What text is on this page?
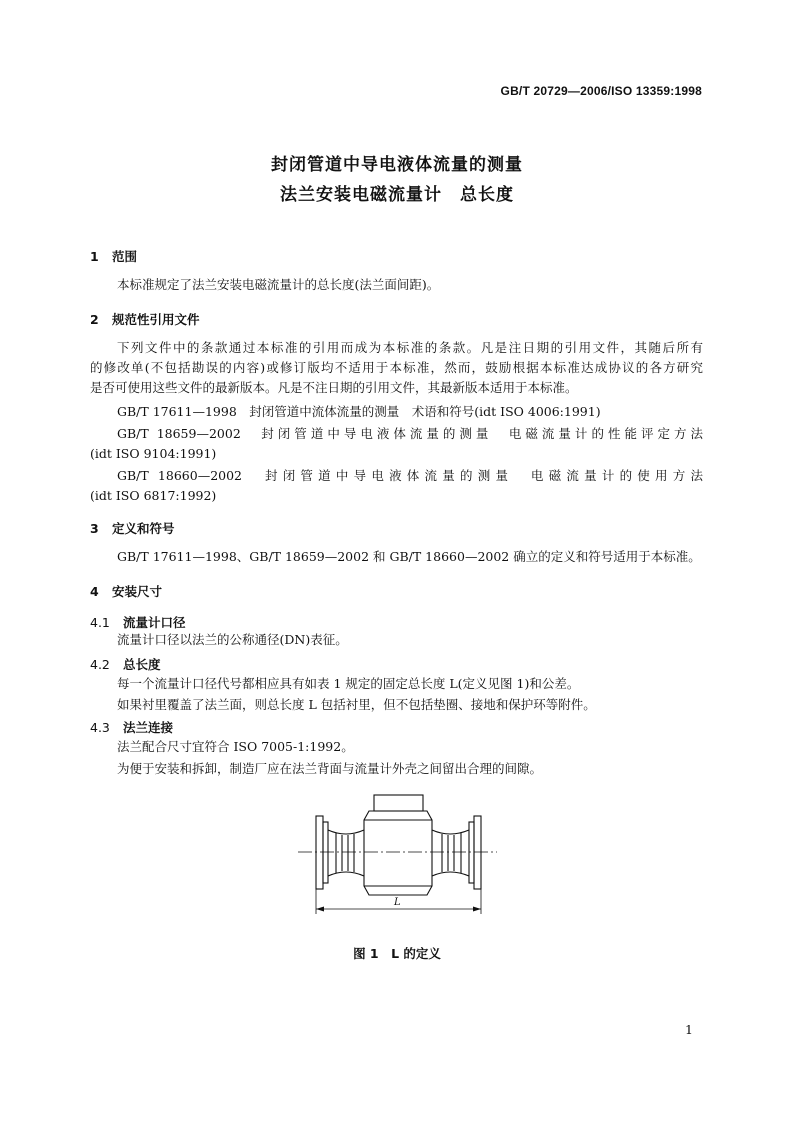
GB/T 20729—2006/ISO 13359:1998
封闭管道中导电液体流量的测量
法兰安装电磁流量计　总长度
1 范围
本标准规定了法兰安装电磁流量计的总长度(法兰面间距)。
2 规范性引用文件
下列文件中的条款通过本标准的引用而成为本标准的条款。凡是注日期的引用文件，其随后所有
的修改单(不包括勘误的内容)或修订版均不适用于本标准，然而，鼓励根据本标准达成协议的各方研究
是否可使用这些文件的最新版本。凡是不注日期的引用文件，其最新版本适用于本标准。
GB/T 17611—1998　封闭管道中流体流量的测量　术语和符号(idt ISO 4006:1991)
GB/T 18659—2002　封闭管道中导电液体流量的测量　电磁流量计的性能评定方法
(idt ISO 9104:1991)
GB/T 18660—2002　封闭管道中导电液体流量的测量　电磁流量计的使用方法
(idt ISO 6817:1992)
3 定义和符号
GB/T 17611—1998、GB/T 18659—2002 和 GB/T 18660—2002 确立的定义和符号适用于本标准。
4 安装尺寸
4.1 流量计口径
流量计口径以法兰的公称通径(DN)表征。
4.2 总长度
每一个流量计口径代号都相应具有如表 1 规定的固定总长度 L(定义见图 1)和公差。
如果衬里覆盖了法兰面，则总长度 L 包括衬里，但不包括垫圈、接地和保护环等附件。
4.3 法兰连接
法兰配合尺寸宜符合 ISO 7005-1:1992。
为便于安装和拆卸，制造厂应在法兰背面与流量计外壳之间留出合理的间隙。
L
图 1　L 的定义
1
